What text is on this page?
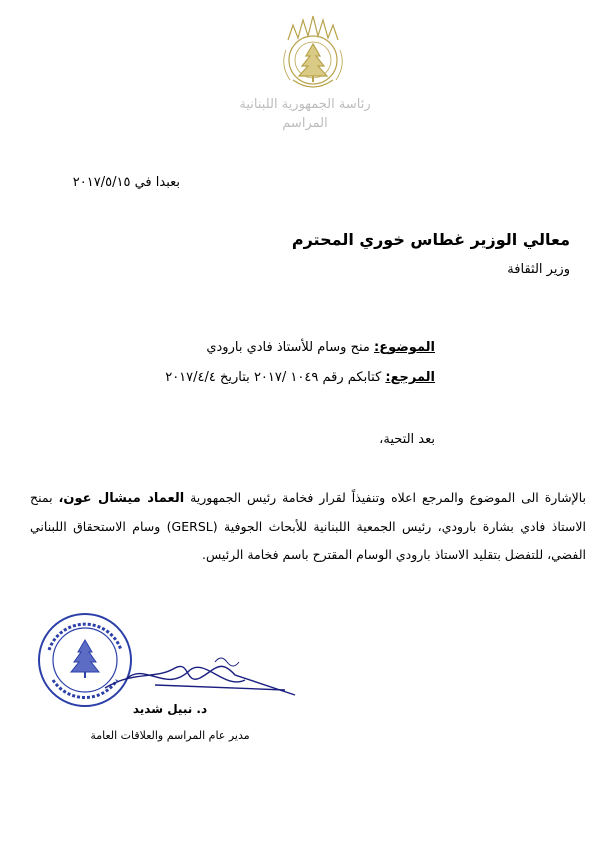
رئاسة الجمهورية اللبنانية
المراسم
بعبدا في ٢٠١٧/٥/١٥
معالي الوزير غطاس خوري المحترم
وزير الثقافة
الموضوع: منح وسام للأستاذ فادي بارودي
المرجع: كتابكم رقم ١٠٤٩ /٢٠١٧ بتاريخ ٢٠١٧/٤/٤
بعد التحية،
بالإشارة الى الموضوع والمرجع اعلاه وتنفيذاً لقرار فخامة رئيس الجمهورية العماد ميشال عون، بمنح الاستاذ فادي بشارة بارودي، رئيس الجمعية اللبنانية للأبحاث الجوفية (GERSL) وسام الاستحقاق اللبناني الفضي، للتفضل بتقليد الاستاذ بارودي الوسام المقترح باسم فخامة الرئيس.
د. نبيل شديد
مدير عام المراسم والعلاقات العامة
